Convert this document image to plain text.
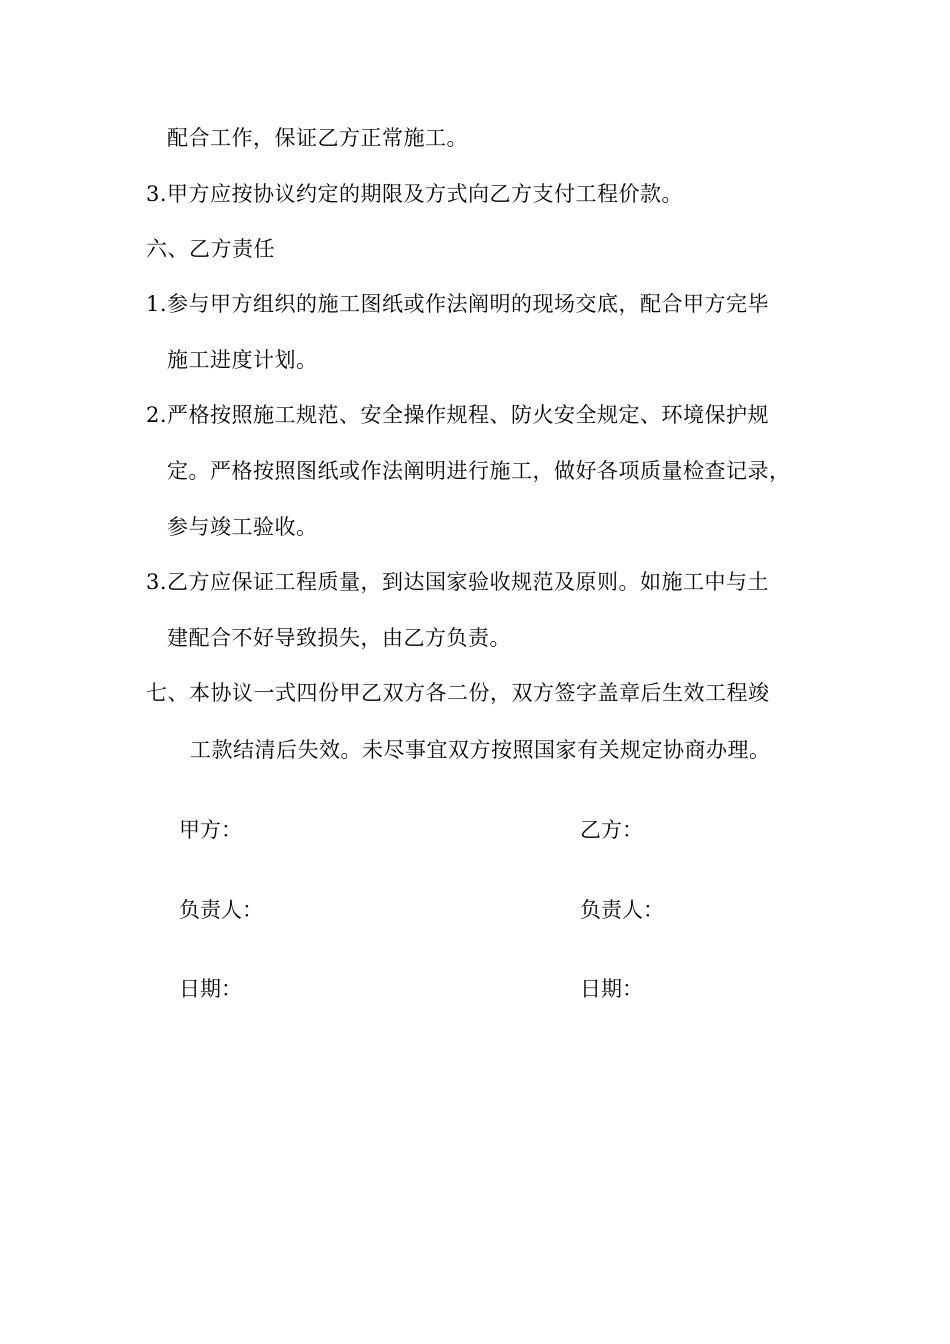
配合工作，保证乙方正常施工。
3.甲方应按协议约定的期限及方式向乙方支付工程价款。
六、乙方责任
1.参与甲方组织的施工图纸或作法阐明的现场交底，配合甲方完毕
施工进度计划。
2.严格按照施工规范、安全操作规程、防火安全规定、环境保护规
定。严格按照图纸或作法阐明进行施工，做好各项质量检查记录，
参与竣工验收。
3.乙方应保证工程质量，到达国家验收规范及原则。如施工中与土
建配合不好导致损失，由乙方负责。
七、本协议一式四份甲乙双方各二份，双方签字盖章后生效工程竣
工款结清后失效。未尽事宜双方按照国家有关规定协商办理。
甲方：	乙方：
负责人：	负责人：
日期：	日期：
